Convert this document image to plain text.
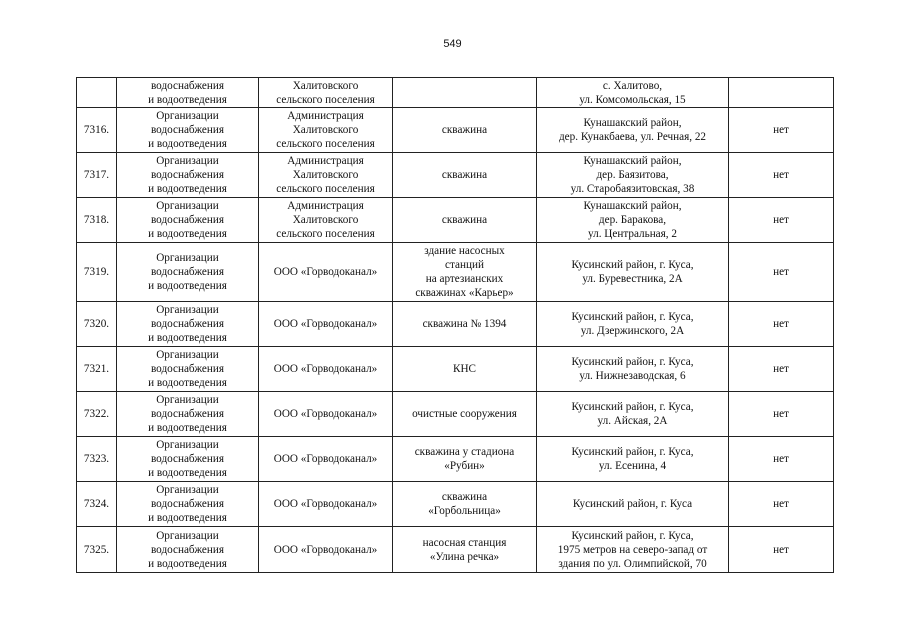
549
	водоснабжения
и водоотведения	Халитовского
сельского поселения		с. Халитово,
ул. Комсомольская, 15	
7316.	Организации
водоснабжения
и водоотведения	Администрация
Халитовского
сельского поселения	скважина	Кунашакский район,
дер. Кунакбаева, ул. Речная, 22	нет
7317.	Организации
водоснабжения
и водоотведения	Администрация
Халитовского
сельского поселения	скважина	Кунашакский район,
дер. Баязитова,
ул. Старобаязитовская, 38	нет
7318.	Организации
водоснабжения
и водоотведения	Администрация
Халитовского
сельского поселения	скважина	Кунашакский район,
дер. Баракова,
ул. Центральная, 2	нет
7319.	Организации
водоснабжения
и водоотведения	ООО «Горводоканал»	здание насосных
станций
на артезианских
скважинах «Карьер»	Кусинский район, г. Куса,
ул. Буревестника, 2А	нет
7320.	Организации
водоснабжения
и водоотведения	ООО «Горводоканал»	скважина № 1394	Кусинский район, г. Куса,
ул. Дзержинского, 2А	нет
7321.	Организации
водоснабжения
и водоотведения	ООО «Горводоканал»	КНС	Кусинский район, г. Куса,
ул. Нижнезаводская, 6	нет
7322.	Организации
водоснабжения
и водоотведения	ООО «Горводоканал»	очистные сооружения	Кусинский район, г. Куса,
ул. Айская, 2А	нет
7323.	Организации
водоснабжения
и водоотведения	ООО «Горводоканал»	скважина у стадиона
«Рубин»	Кусинский район, г. Куса,
ул. Есенина, 4	нет
7324.	Организации
водоснабжения
и водоотведения	ООО «Горводоканал»	скважина
«Горбольница»	Кусинский район, г. Куса	нет
7325.	Организации
водоснабжения
и водоотведения	ООО «Горводоканал»	насосная станция
«Улина речка»	Кусинский район, г. Куса,
1975 метров на северо-запад от
здания по ул. Олимпийской, 70	нет
